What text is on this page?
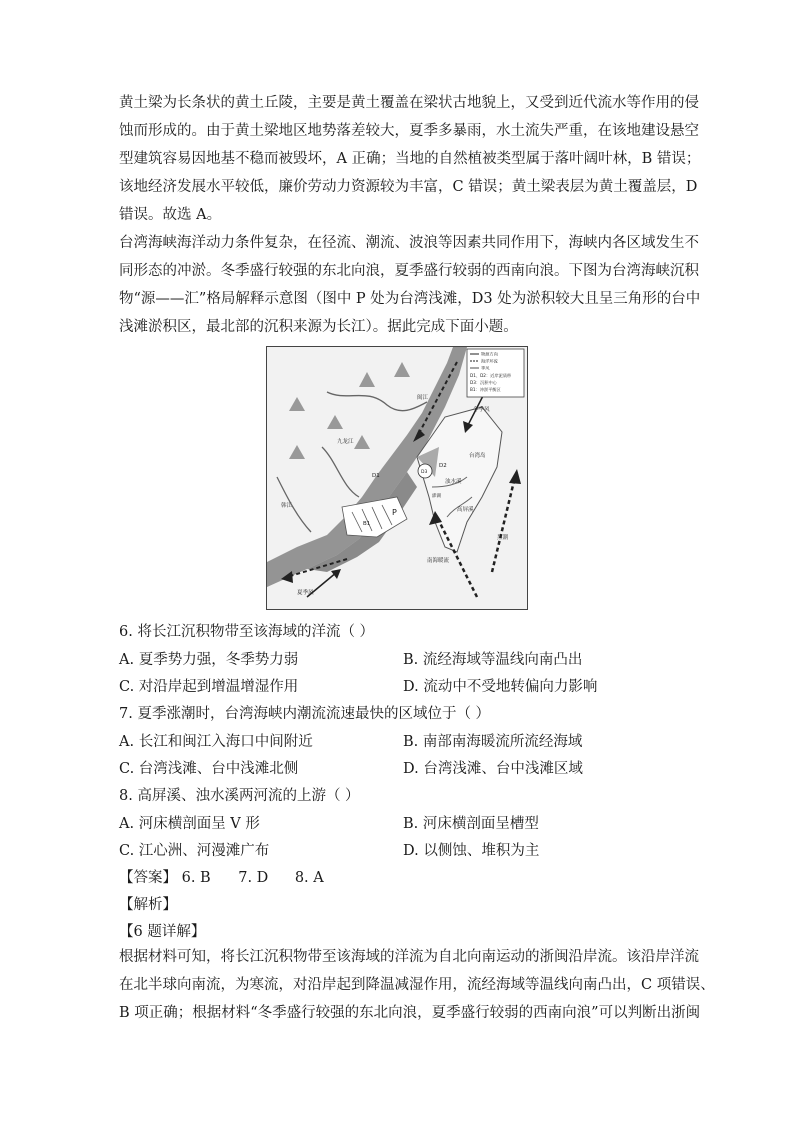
黄土梁为长条状的黄土丘陵，主要是黄土覆盖在梁状古地貌上，又受到近代流水等作用的侵
蚀而形成的。由于黄土梁地区地势落差较大，夏季多暴雨，水土流失严重，在该地建设悬空
型建筑容易因地基不稳而被毁坏，A 正确；当地的自然植被类型属于落叶阔叶林，B 错误；
该地经济发展水平较低，廉价劳动力资源较为丰富，C 错误；黄土梁表层为黄土覆盖层，D
错误。故选 A。
台湾海峡海洋动力条件复杂，在径流、潮流、波浪等因素共同作用下，海峡内各区域发生不
同形态的冲淤。冬季盛行较强的东北向浪，夏季盛行较弱的西南向浪。下图为台湾海峡沉积
物“源——汇”格局解释示意图（图中 P 处为台湾浅滩，D3 处为淤积较大且呈三角形的台中
浅滩淤积区，最北部的沉积来源为长江）。据此完成下面小题。
物源方向
海洋环流
季风
D1、D2：近岸泥质带
D3：沉积中心
B1：冲淤平衡区
闽江
九龙江
韩江
D1
D3
D2
B1
P
浊水溪
高屏溪
台湾岛
澎湖
南海暖流
黑潮
夏季风
冬季风
6. 将长江沉积物带至该海域的洋流（ ）
A. 夏季势力强，冬季势力弱	B. 流经海域等温线向南凸出
C. 对沿岸起到增温增湿作用	D. 流动中不受地转偏向力影响
7. 夏季涨潮时，台湾海峡内潮流流速最快的区域位于（ ）
A. 长江和闽江入海口中间附近	B. 南部南海暖流所流经海域
C. 台湾浅滩、台中浅滩北侧	D. 台湾浅滩、台中浅滩区域
8. 高屏溪、浊水溪两河流的上游（ ）
A. 河床横剖面呈 V 形	B. 河床横剖面呈槽型
C. 江心洲、河漫滩广布	D. 以侧蚀、堆积为主
【答案】 6. B 7. D 8. A
【解析】
【6 题详解】
根据材料可知，将长江沉积物带至该海域的洋流为自北向南运动的浙闽沿岸流。该沿岸洋流
在北半球向南流，为寒流，对沿岸起到降温减湿作用，流经海域等温线向南凸出，C 项错误、
B 项正确；根据材料“冬季盛行较强的东北向浪，夏季盛行较弱的西南向浪”可以判断出浙闽
